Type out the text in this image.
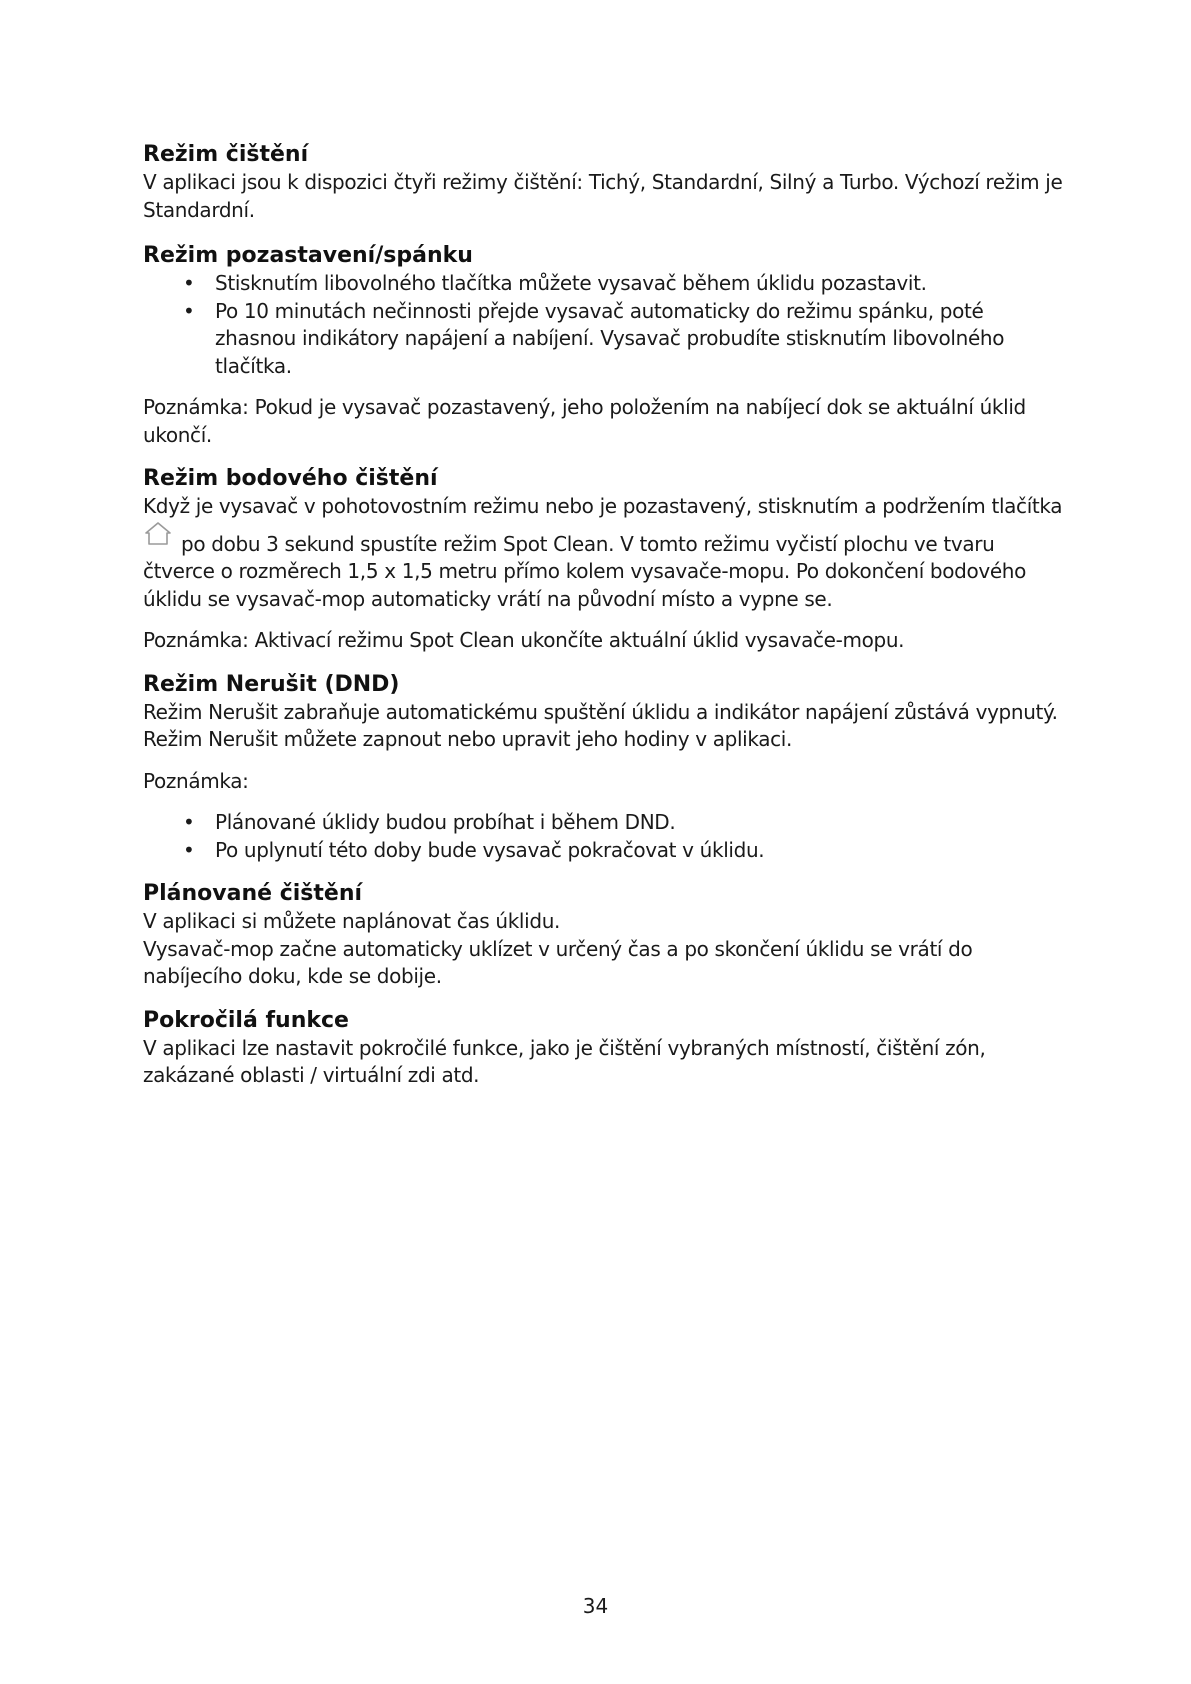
Režim čištění

V aplikaci jsou k dispozici čtyři režimy čištění: Tichý, Standardní, Silný a Turbo. Výchozí režim je Standardní.

Režim pozastavení/spánku
• Stisknutím libovolného tlačítka můžete vysavač během úklidu pozastavit.
• Po 10 minutách nečinnosti přejde vysavač automaticky do režimu spánku, poté zhasnou indikátory napájení a nabíjení. Vysavač probudíte stisknutím libovolného tlačítka.

Poznámka: Pokud je vysavač pozastavený, jeho položením na nabíjecí dok se aktuální úklid ukončí.

Režim bodového čištění

Když je vysavač v pohotovostním režimu nebo je pozastavený, stisknutím a podržením tlačítka po dobu 3 sekund spustíte režim Spot Clean. V tomto režimu vyčistí plochu ve tvaru čtverce o rozměrech 1,5 x 1,5 metru přímo kolem vysavače-mopu. Po dokončení bodového úklidu se vysavač-mop automaticky vrátí na původní místo a vypne se.

Poznámka: Aktivací režimu Spot Clean ukončíte aktuální úklid vysavače-mopu.

Režim Nerušit (DND)

Režim Nerušit zabraňuje automatickému spuštění úklidu a indikátor napájení zůstává vypnutý. Režim Nerušit můžete zapnout nebo upravit jeho hodiny v aplikaci.

Poznámka:

• Plánované úklidy budou probíhat i během DND.
• Po uplynutí této doby bude vysavač pokračovat v úklidu.
Plánované čištění

V aplikaci si můžete naplánovat čas úklidu.

Vysavač-mop začne automaticky uklízet v určený čas a po skončení úklidu se vrátí do nabíjecího doku, kde se dobije.

Pokročilá funkce

V aplikaci lze nastavit pokročilé funkce, jako je čištění vybraných místností, čištění zón, zakázané oblasti / virtuální zdi atd.

34
